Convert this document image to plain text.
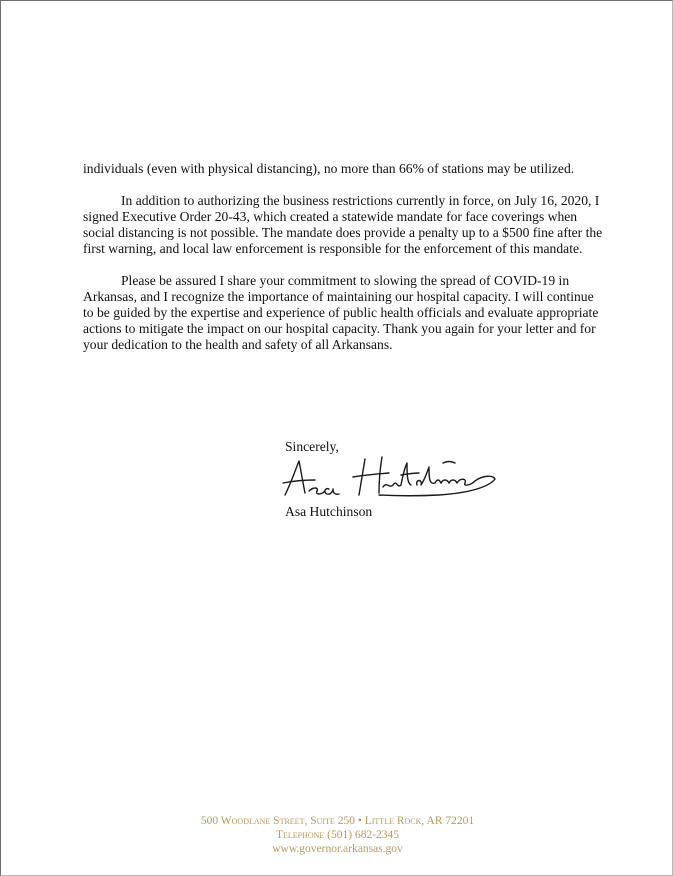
individuals (even with physical distancing), no more than 66% of stations may be utilized.

In addition to authorizing the business restrictions currently in force, on July 16, 2020, I signed Executive Order 20-43, which created a statewide mandate for face coverings when social distancing is not possible. The mandate does provide a penalty up to a $500 fine after the first warning, and local law enforcement is responsible for the enforcement of this mandate.

Please be assured I share your commitment to slowing the spread of COVID-19 in Arkansas, and I recognize the importance of maintaining our hospital capacity. I will continue to be guided by the expertise and experience of public health officials and evaluate appropriate actions to mitigate the impact on our hospital capacity. Thank you again for your letter and for your dedication to the health and safety of all Arkansans.

Sincerely,
Asa Hutchinson
500 Woodlane Street, Suite 250 • Little Rock, AR 72201
Telephone (501) 682-2345
www.governor.arkansas.gov
